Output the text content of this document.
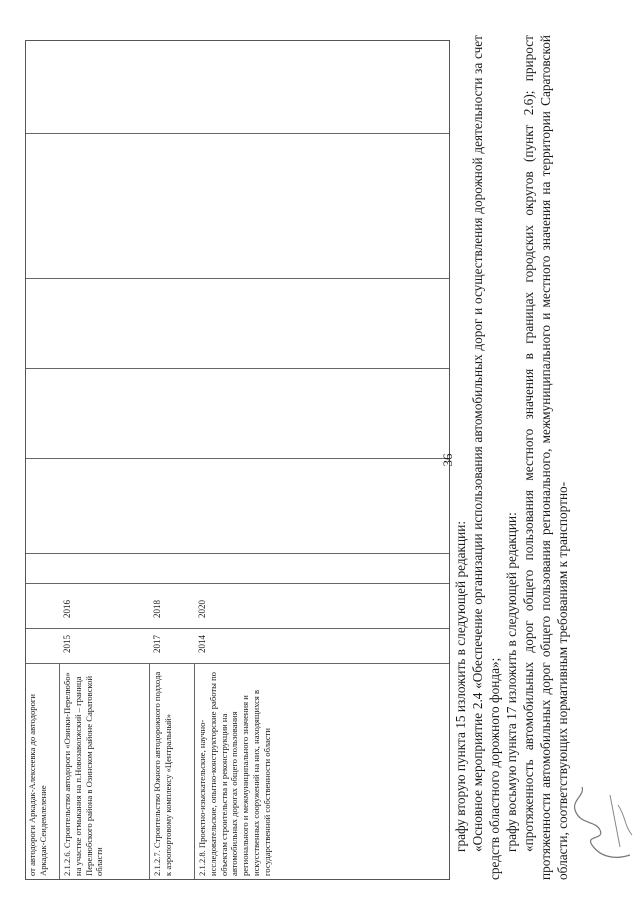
от автодороги Аркадак-Алексеевка до автодороги Аркадак-Сеидемлеление 2.1.2.6. Строительство автодороги «Озинки-Перелюбо» на участке отмыкания на п.Новозаволжский – граница Перелюбского района в Озинском районе Саратовской области
2015
2016
2.1.2.7. Строительство Южного автодорожного подхода к аэропортовому комплексу «Центральный»
2017
2018
2.1.2.8. Проектно-изыскательские, научно-исследовательские, опытно-конструкторские работы по объектам строительства и реконструкции на автомобильных дорогах общего пользования регионального и межмуниципального значения и искусственных сооружений на них, находящихся в государственной собственности области
2014
2020
36

графу вторую пункта 15 изложить в следующей редакции: «Основное мероприятие 2.4 «Обеспечение организации использования автомобильных дорог и осуществления дорожной деятельности за счет средств областного дорожного фонда»; графу восьмую пункта 17 изложить в следующей редакции: «протяженность автомобильных дорог общего пользования местного значения в границах городских округов (пункт 2.6); прирост протяженности автомобильных дорог общего пользования регионального, межмуниципального и местного значения на территории Саратовской области, соответствующих нормативным требованиям к транспортно-
